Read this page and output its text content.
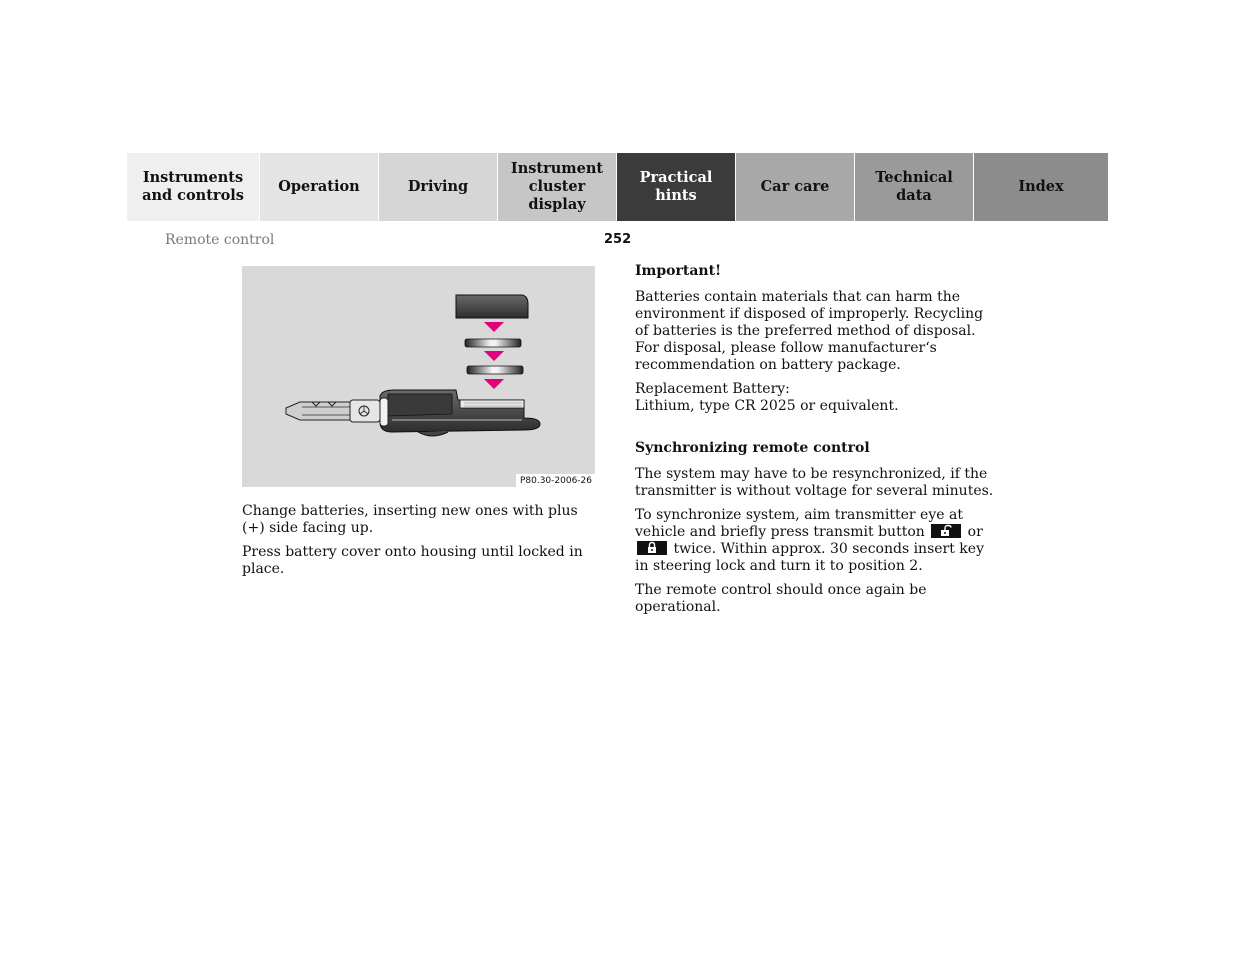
Instruments
and controls
Operation	Driving
Instrument
cluster display
Practical hints
Car care
Technical
data
Index
Remote control	252
P80.30-2006-26

Change batteries, inserting new ones with plus (+) side facing up.

Press battery cover onto housing until locked in place.

Important!

Batteries contain materials that can harm the environment if disposed of improperly. Recycling of batteries is the preferred method of disposal. For disposal, please follow manufacturer‘s recommendation on battery package.

Replacement Battery:
Lithium, type CR 2025 or equivalent.
Synchronizing remote control

The system may have to be resynchronized, if the transmitter is without voltage for several minutes.

To synchronize system, aim transmitter eye at vehicle and briefly press transmit button	or
twice. Within approx. 30 seconds insert key in steering lock and turn it to position 2.

The remote control should once again be operational.
